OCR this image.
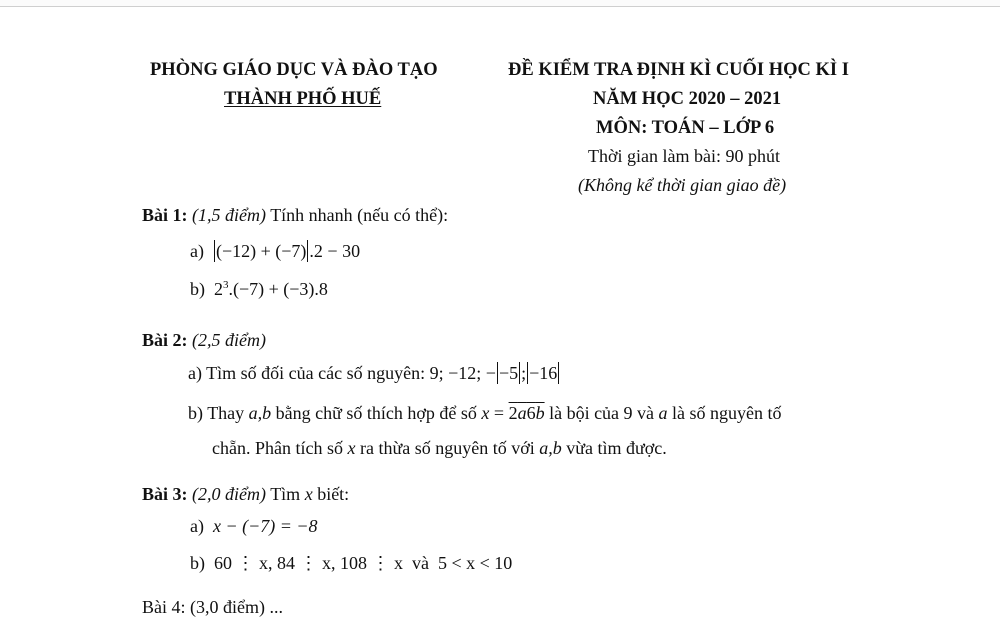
PHÒNG GIÁO DỤC VÀ ĐÀO TẠO
THÀNH PHỐ HUẾ
ĐỀ KIỂM TRA ĐỊNH KÌ CUỐI HỌC KÌ I
NĂM HỌC 2020 – 2021
MÔN: TOÁN – LỚP 6
Thời gian làm bài: 90 phút
(Không kể thời gian giao đề)
Bài 1: (1,5 điểm) Tính nhanh (nếu có thể):
a) (−12) + (−7) .2 − 30
b) $2^3.(-7) + (-3).8$
Bài 2: (2,5 điểm)
a) Tìm số đối của các số nguyên: 9; −12; − −5 ; −16
b) Thay a,b bằng chữ số thích hợp để số x = 2a6b là bội của 9 và a là số nguyên tố
chẵn. Phân tích số x ra thừa số nguyên tố với a,b vừa tìm được.
Bài 3: (2,0 điểm) Tìm x biết:
a) x − (−7) = −8
b) 60 ⋮ x, 84 ⋮ x, 108 ⋮ x và 5 < x < 10
Bài 4: (3,0 điểm) ...
